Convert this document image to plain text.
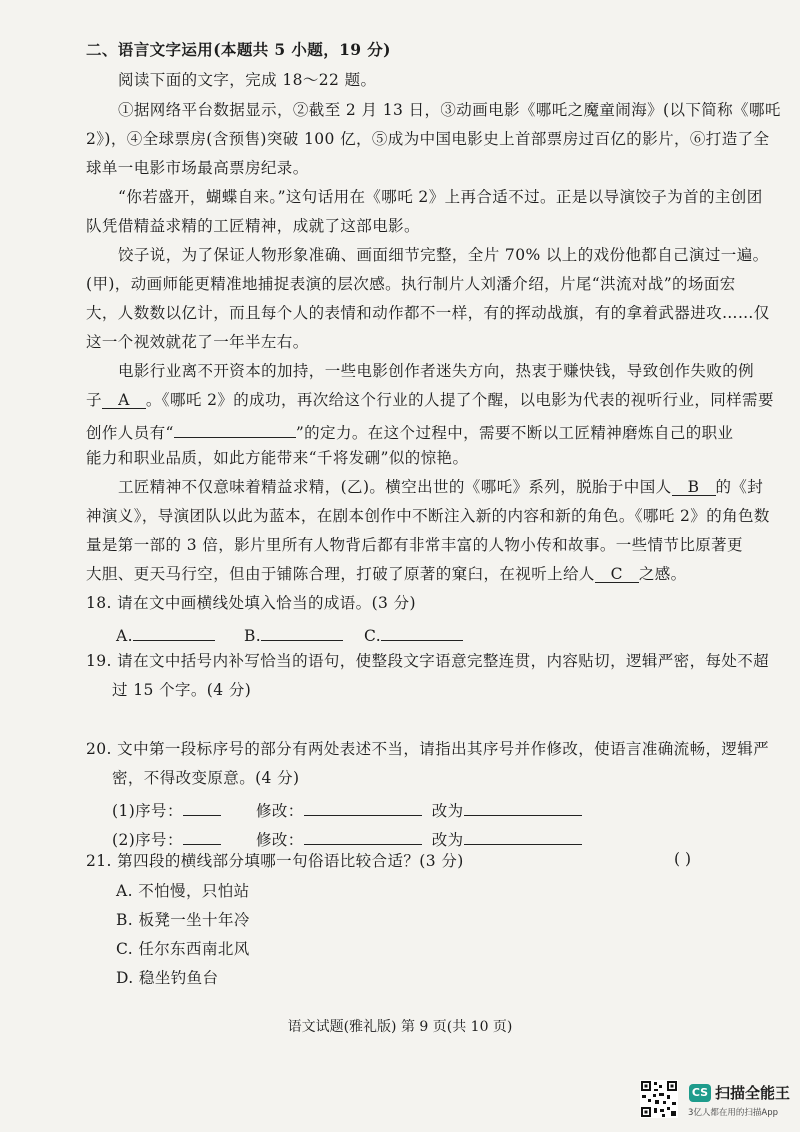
二、语言文字运用(本题共 5 小题，19 分)
阅读下面的文字，完成 18～22 题。
①据网络平台数据显示，②截至 2 月 13 日，③动画电影《哪吒之魔童闹海》(以下简称《哪吒
2》)，④全球票房(含预售)突破 100 亿，⑤成为中国电影史上首部票房过百亿的影片，⑥打造了全
球单一电影市场最高票房纪录。
“你若盛开，蝴蝶自来。”这句话用在《哪吒 2》上再合适不过。正是以导演饺子为首的主创团
队凭借精益求精的工匠精神，成就了这部电影。
饺子说，为了保证人物形象准确、画面细节完整，全片 70% 以上的戏份他都自己演过一遍。
(甲)，动画师能更精准地捕捉表演的层次感。执行制片人刘潘介绍，片尾“洪流对战”的场面宏
大，人数数以亿计，而且每个人的表情和动作都不一样，有的挥动战旗，有的拿着武器进攻……仅
这一个视效就花了一年半左右。
电影行业离不开资本的加持，一些电影创作者迷失方向，热衷于赚快钱，导致创作失败的例
子 A 。《哪吒 2》的成功，再次给这个行业的人提了个醒，以电影为代表的视听行业，同样需要
创作人员有“	”的定力。在这个过程中，需要不断以工匠精神磨炼自己的职业
能力和职业品质，如此方能带来“千将发硎”似的惊艳。
工匠精神不仅意味着精益求精，(乙)。横空出世的《哪吒》系列，脱胎于中国人 B 的《封
神演义》，导演团队以此为蓝本，在剧本创作中不断注入新的内容和新的角色。《哪吒 2》的角色数
量是第一部的 3 倍，影片里所有人物背后都有非常丰富的人物小传和故事。一些情节比原著更
大胆、更天马行空，但由于铺陈合理，打破了原著的窠臼，在视听上给人 C 之感。
18. 请在文中画横线处填入恰当的成语。(3 分)
A.	B.	C.
19. 请在文中括号内补写恰当的语句，使整段文字语意完整连贯，内容贴切，逻辑严密，每处不超
过 15 个字。(4 分)
20. 文中第一段标序号的部分有两处表述不当，请指出其序号并作修改，使语言准确流畅，逻辑严
密，不得改变原意。(4 分)
(1)序号：	修改：	改为
(2)序号：	修改：	改为
21. 第四段的横线部分填哪一句俗语比较合适？(3 分)	( )
A. 不怕慢，只怕站
B. 板凳一坐十年冷
C. 任尔东西南北风
D. 稳坐钓鱼台
语文试题(雅礼版) 第 9 页(共 10 页)
CS 扫描全能王
3亿人都在用的扫描App
